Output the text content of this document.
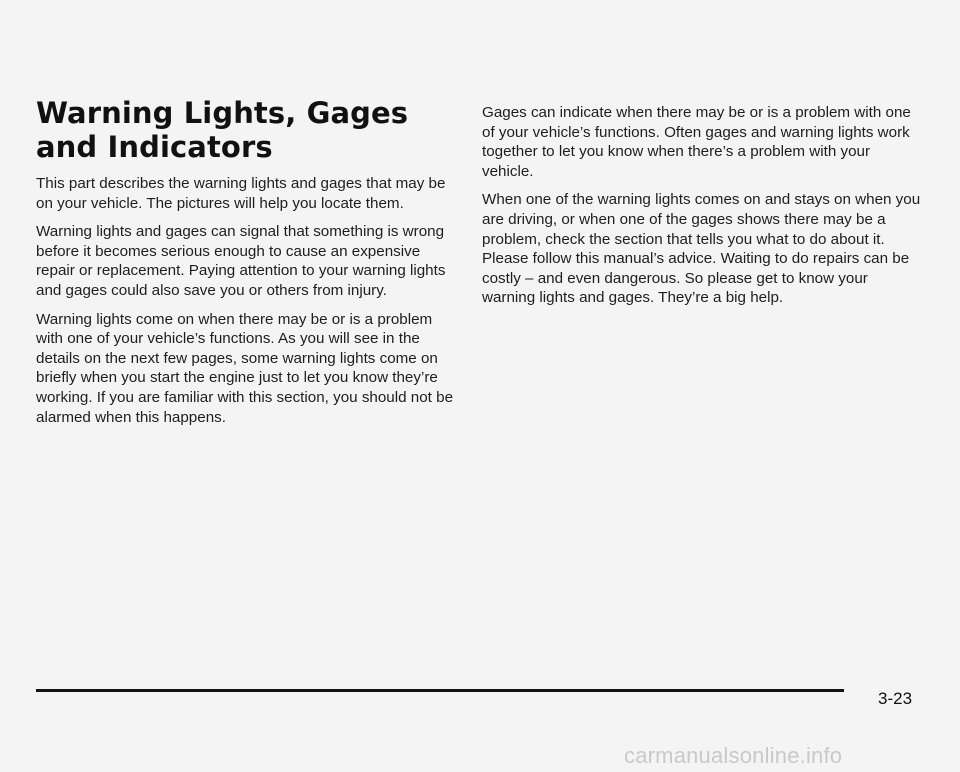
Warning Lights, Gages and Indicators

This part describes the warning lights and gages that may be on your vehicle. The pictures will help you locate them.

Warning lights and gages can signal that something is wrong before it becomes serious enough to cause an expensive repair or replacement. Paying attention to your warning lights and gages could also save you or others from injury.

Warning lights come on when there may be or is a problem with one of your vehicle’s functions. As you will see in the details on the next few pages, some warning lights come on briefly when you start the engine just to let you know they’re working. If you are familiar with this section, you should not be alarmed when this happens.

Gages can indicate when there may be or is a problem with one of your vehicle’s functions. Often gages and warning lights work together to let you know when there’s a problem with your vehicle.

When one of the warning lights comes on and stays on when you are driving, or when one of the gages shows there may be a problem, check the section that tells you what to do about it. Please follow this manual’s advice. Waiting to do repairs can be costly – and even dangerous. So please get to know your warning lights and gages. They’re a big help.

3-23
carmanualsonline.info
